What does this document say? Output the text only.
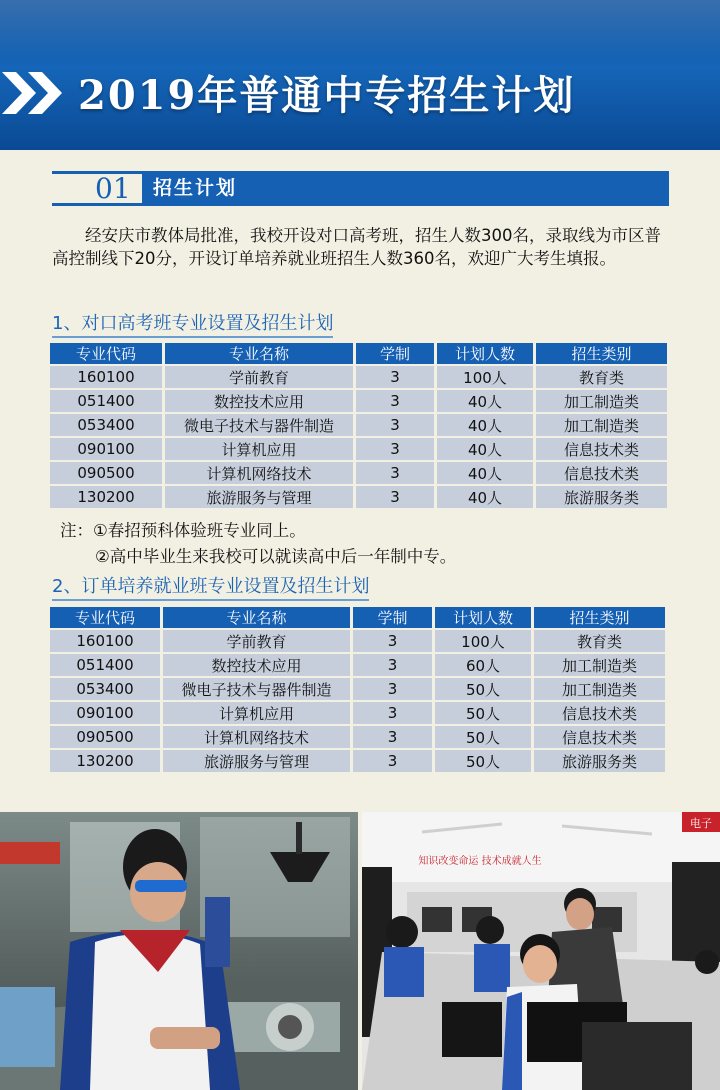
2019年普通中专招生计划
01	招生计划
经安庆市教体局批准，我校开设对口高考班，招生人数300名，录取线为市区普高控制线下20分，开设订单培养就业班招生人数360名，欢迎广大考生填报。
1、对口高考班专业设置及招生计划
专业代码	专业名称	学制	计划人数	招生类别
160100	学前教育	3	100人	教育类
051400	数控技术应用	3	40人	加工制造类
053400	微电子技术与器件制造	3	40人	加工制造类
090100	计算机应用	3	40人	信息技术类
090500	计算机网络技术	3	40人	信息技术类
130200	旅游服务与管理	3	40人	旅游服务类
注：①春招预科体验班专业同上。
②高中毕业生来我校可以就读高中后一年制中专。
2、订单培养就业班专业设置及招生计划
专业代码	专业名称	学制	计划人数	招生类别
160100	学前教育	3	100人	教育类
051400	数控技术应用	3	60人	加工制造类
053400	微电子技术与器件制造	3	50人	加工制造类
090100	计算机应用	3	50人	信息技术类
090500	计算机网络技术	3	50人	信息技术类
130200	旅游服务与管理	3	50人	旅游服务类
电子
知识改变命运 技术成就人生
